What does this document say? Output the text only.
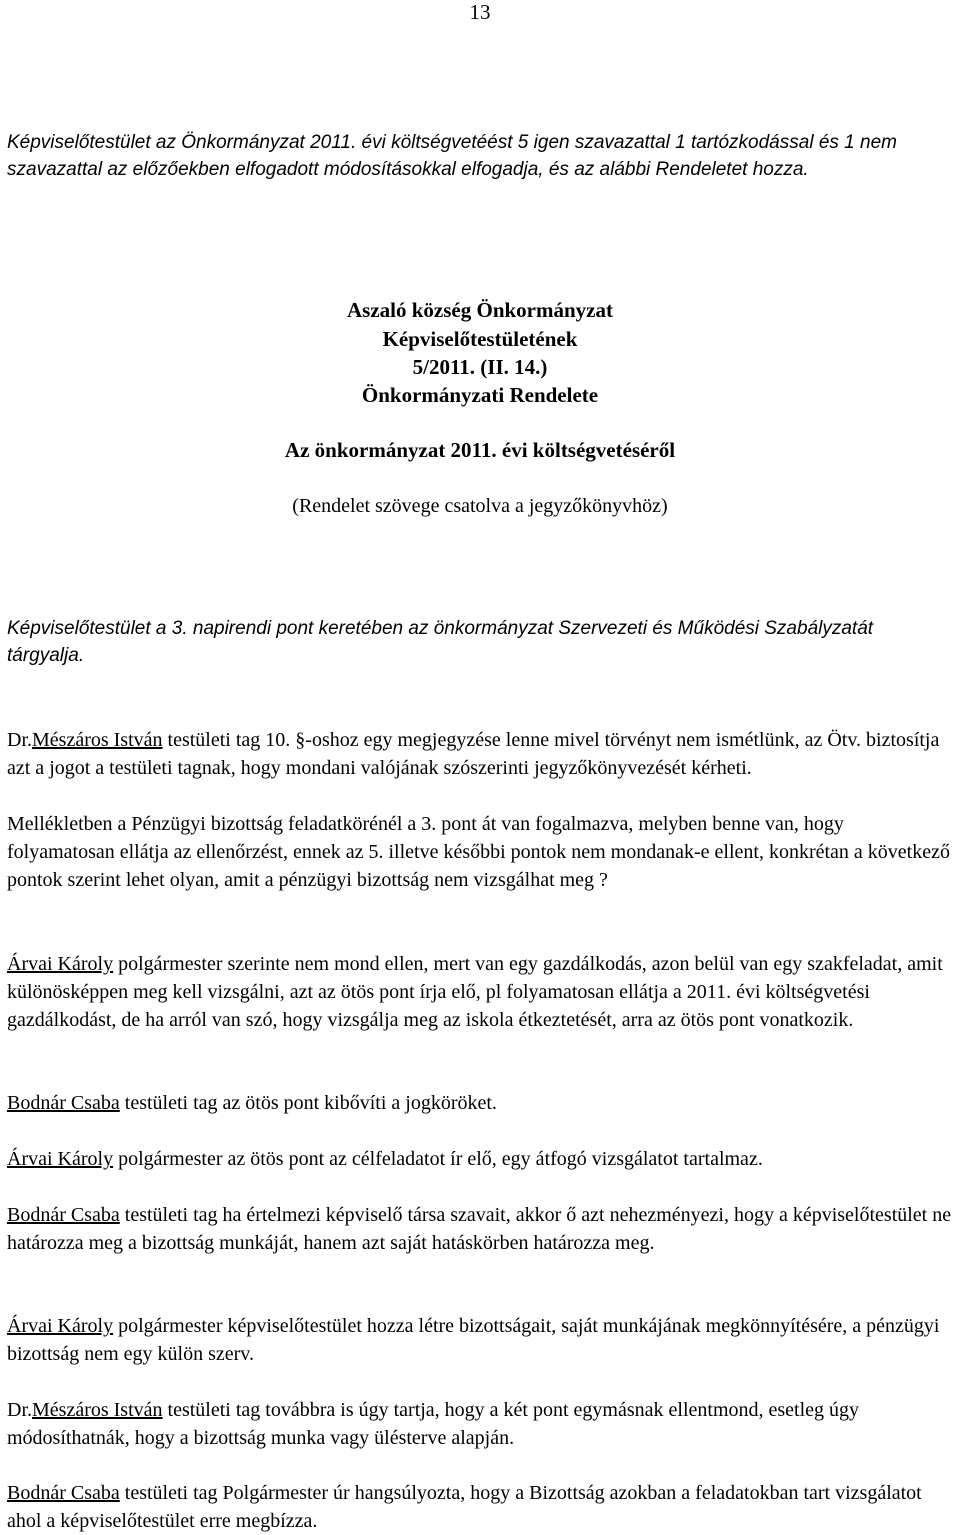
13

Képviselőtestület az Önkormányzat 2011. évi költségvetéést 5 igen szavazattal 1 tartózkodással és 1 nem szavazattal az előzőekben elfogadott módosításokkal elfogadja, és az alábbi Rendeletet hozza.

Aszaló község Önkormányzat
Képviselőtestületének
5/2011. (II. 14.)
Önkormányzati Rendelete
Az önkormányzat 2011. évi költségvetéséről
(Rendelet szövege csatolva a jegyzőkönyvhöz)

Képviselőtestület a 3. napirendi pont keretében az önkormányzat Szervezeti és Működési Szabályzatát tárgyalja.

Dr.Mészáros István testületi tag 10. §-oshoz egy megjegyzése lenne mivel törvényt nem ismétlünk, az Ötv. biztosítja azt a jogot a testületi tagnak, hogy mondani valójának szószerinti jegyzőkönyvezését kérheti.

Mellékletben a Pénzügyi bizottság feladatkörénél a 3. pont át van fogalmazva, melyben benne van, hogy folyamatosan ellátja az ellenőrzést, ennek az 5. illetve későbbi pontok nem mondanak-e ellent, konkrétan a következő pontok szerint lehet olyan, amit a pénzügyi bizottság nem vizsgálhat meg ?

Árvai Károly polgármester szerinte nem mond ellen, mert van egy gazdálkodás, azon belül van egy szakfeladat, amit különösképpen meg kell vizsgálni, azt az ötös pont írja elő, pl folyamatosan ellátja a 2011. évi költségvetési gazdálkodást, de ha arról van szó, hogy vizsgálja meg az iskola étkeztetését, arra az ötös pont vonatkozik.

Bodnár Csaba testületi tag az ötös pont kibővíti a jogköröket.

Árvai Károly polgármester az ötös pont az célfeladatot ír elő, egy átfogó vizsgálatot tartalmaz.

Bodnár Csaba testületi tag ha értelmezi képviselő társa szavait, akkor ő azt nehezményezi, hogy a képviselőtestület ne határozza meg a bizottság munkáját, hanem azt saját hatáskörben határozza meg.

Árvai Károly polgármester képviselőtestület hozza létre bizottságait, saját munkájának megkönnyítésére, a pénzügyi bizottság nem egy külön szerv.

Dr.Mészáros István testületi tag továbbra is úgy tartja, hogy a két pont egymásnak ellentmond, esetleg úgy módosíthatnák, hogy a bizottság munka vagy ülésterve alapján.

Bodnár Csaba testületi tag Polgármester úr hangsúlyozta, hogy a Bizottság azokban a feladatokban tart vizsgálatot ahol a képviselőtestület erre megbízza.
